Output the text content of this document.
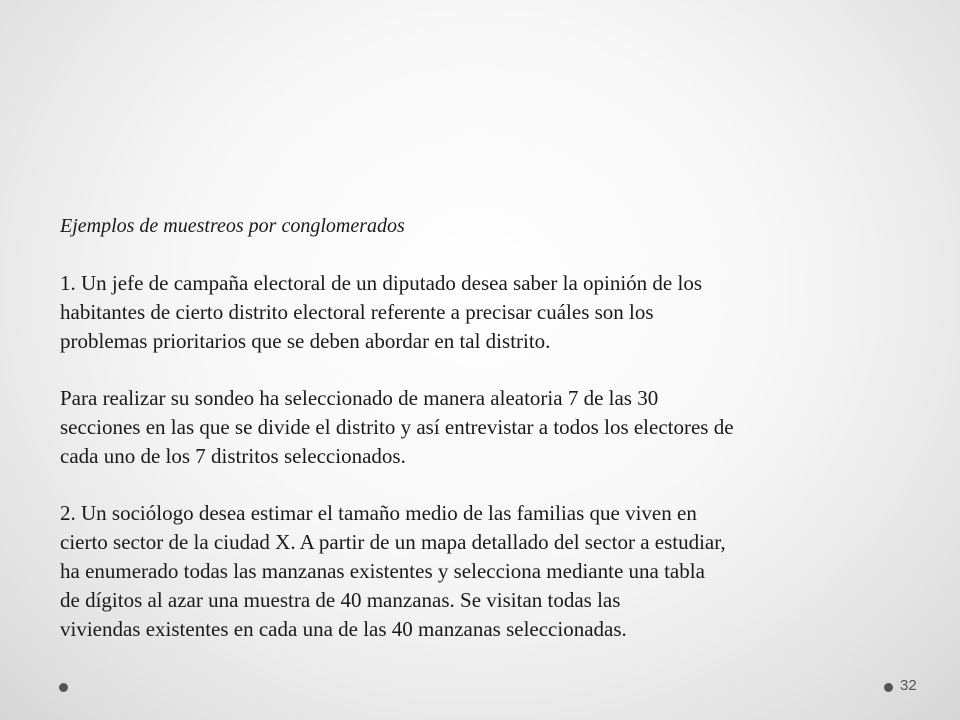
Ejemplos de muestreos por conglomerados
1. Un jefe de campaña electoral de un diputado desea saber la opinión de los
habitantes de cierto distrito electoral referente a precisar cuáles son los
problemas prioritarios que se deben abordar en tal distrito.
Para realizar su sondeo ha seleccionado de manera aleatoria 7 de las 30
secciones en las que se divide el distrito y así entrevistar a todos los electores de
cada uno de los 7 distritos seleccionados.
2. Un sociólogo desea estimar el tamaño medio de las familias que viven en
cierto sector de la ciudad X. A partir de un mapa detallado del sector a estudiar,
ha enumerado todas las manzanas existentes y selecciona mediante una tabla
de dígitos al azar una muestra de 40 manzanas. Se visitan todas las
viviendas existentes en cada una de las 40 manzanas seleccionadas.
32
